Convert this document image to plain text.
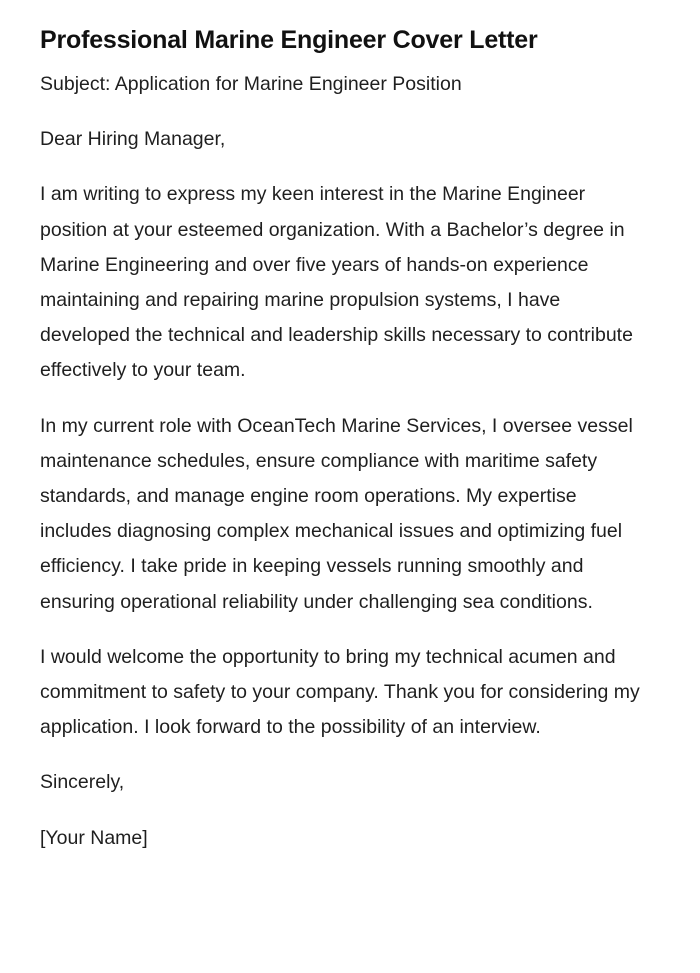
Professional Marine Engineer Cover Letter

Subject: Application for Marine Engineer Position

Dear Hiring Manager,

I am writing to express my keen interest in the Marine Engineer position at your esteemed organization. With a Bachelor’s degree in Marine Engineering and over five years of hands-on experience maintaining and repairing marine propulsion systems, I have developed the technical and leadership skills necessary to contribute effectively to your team.

In my current role with OceanTech Marine Services, I oversee vessel maintenance schedules, ensure compliance with maritime safety standards, and manage engine room operations. My expertise includes diagnosing complex mechanical issues and optimizing fuel efficiency. I take pride in keeping vessels running smoothly and ensuring operational reliability under challenging sea conditions.

I would welcome the opportunity to bring my technical acumen and commitment to safety to your company. Thank you for considering my application. I look forward to the possibility of an interview.

Sincerely,

[Your Name]
